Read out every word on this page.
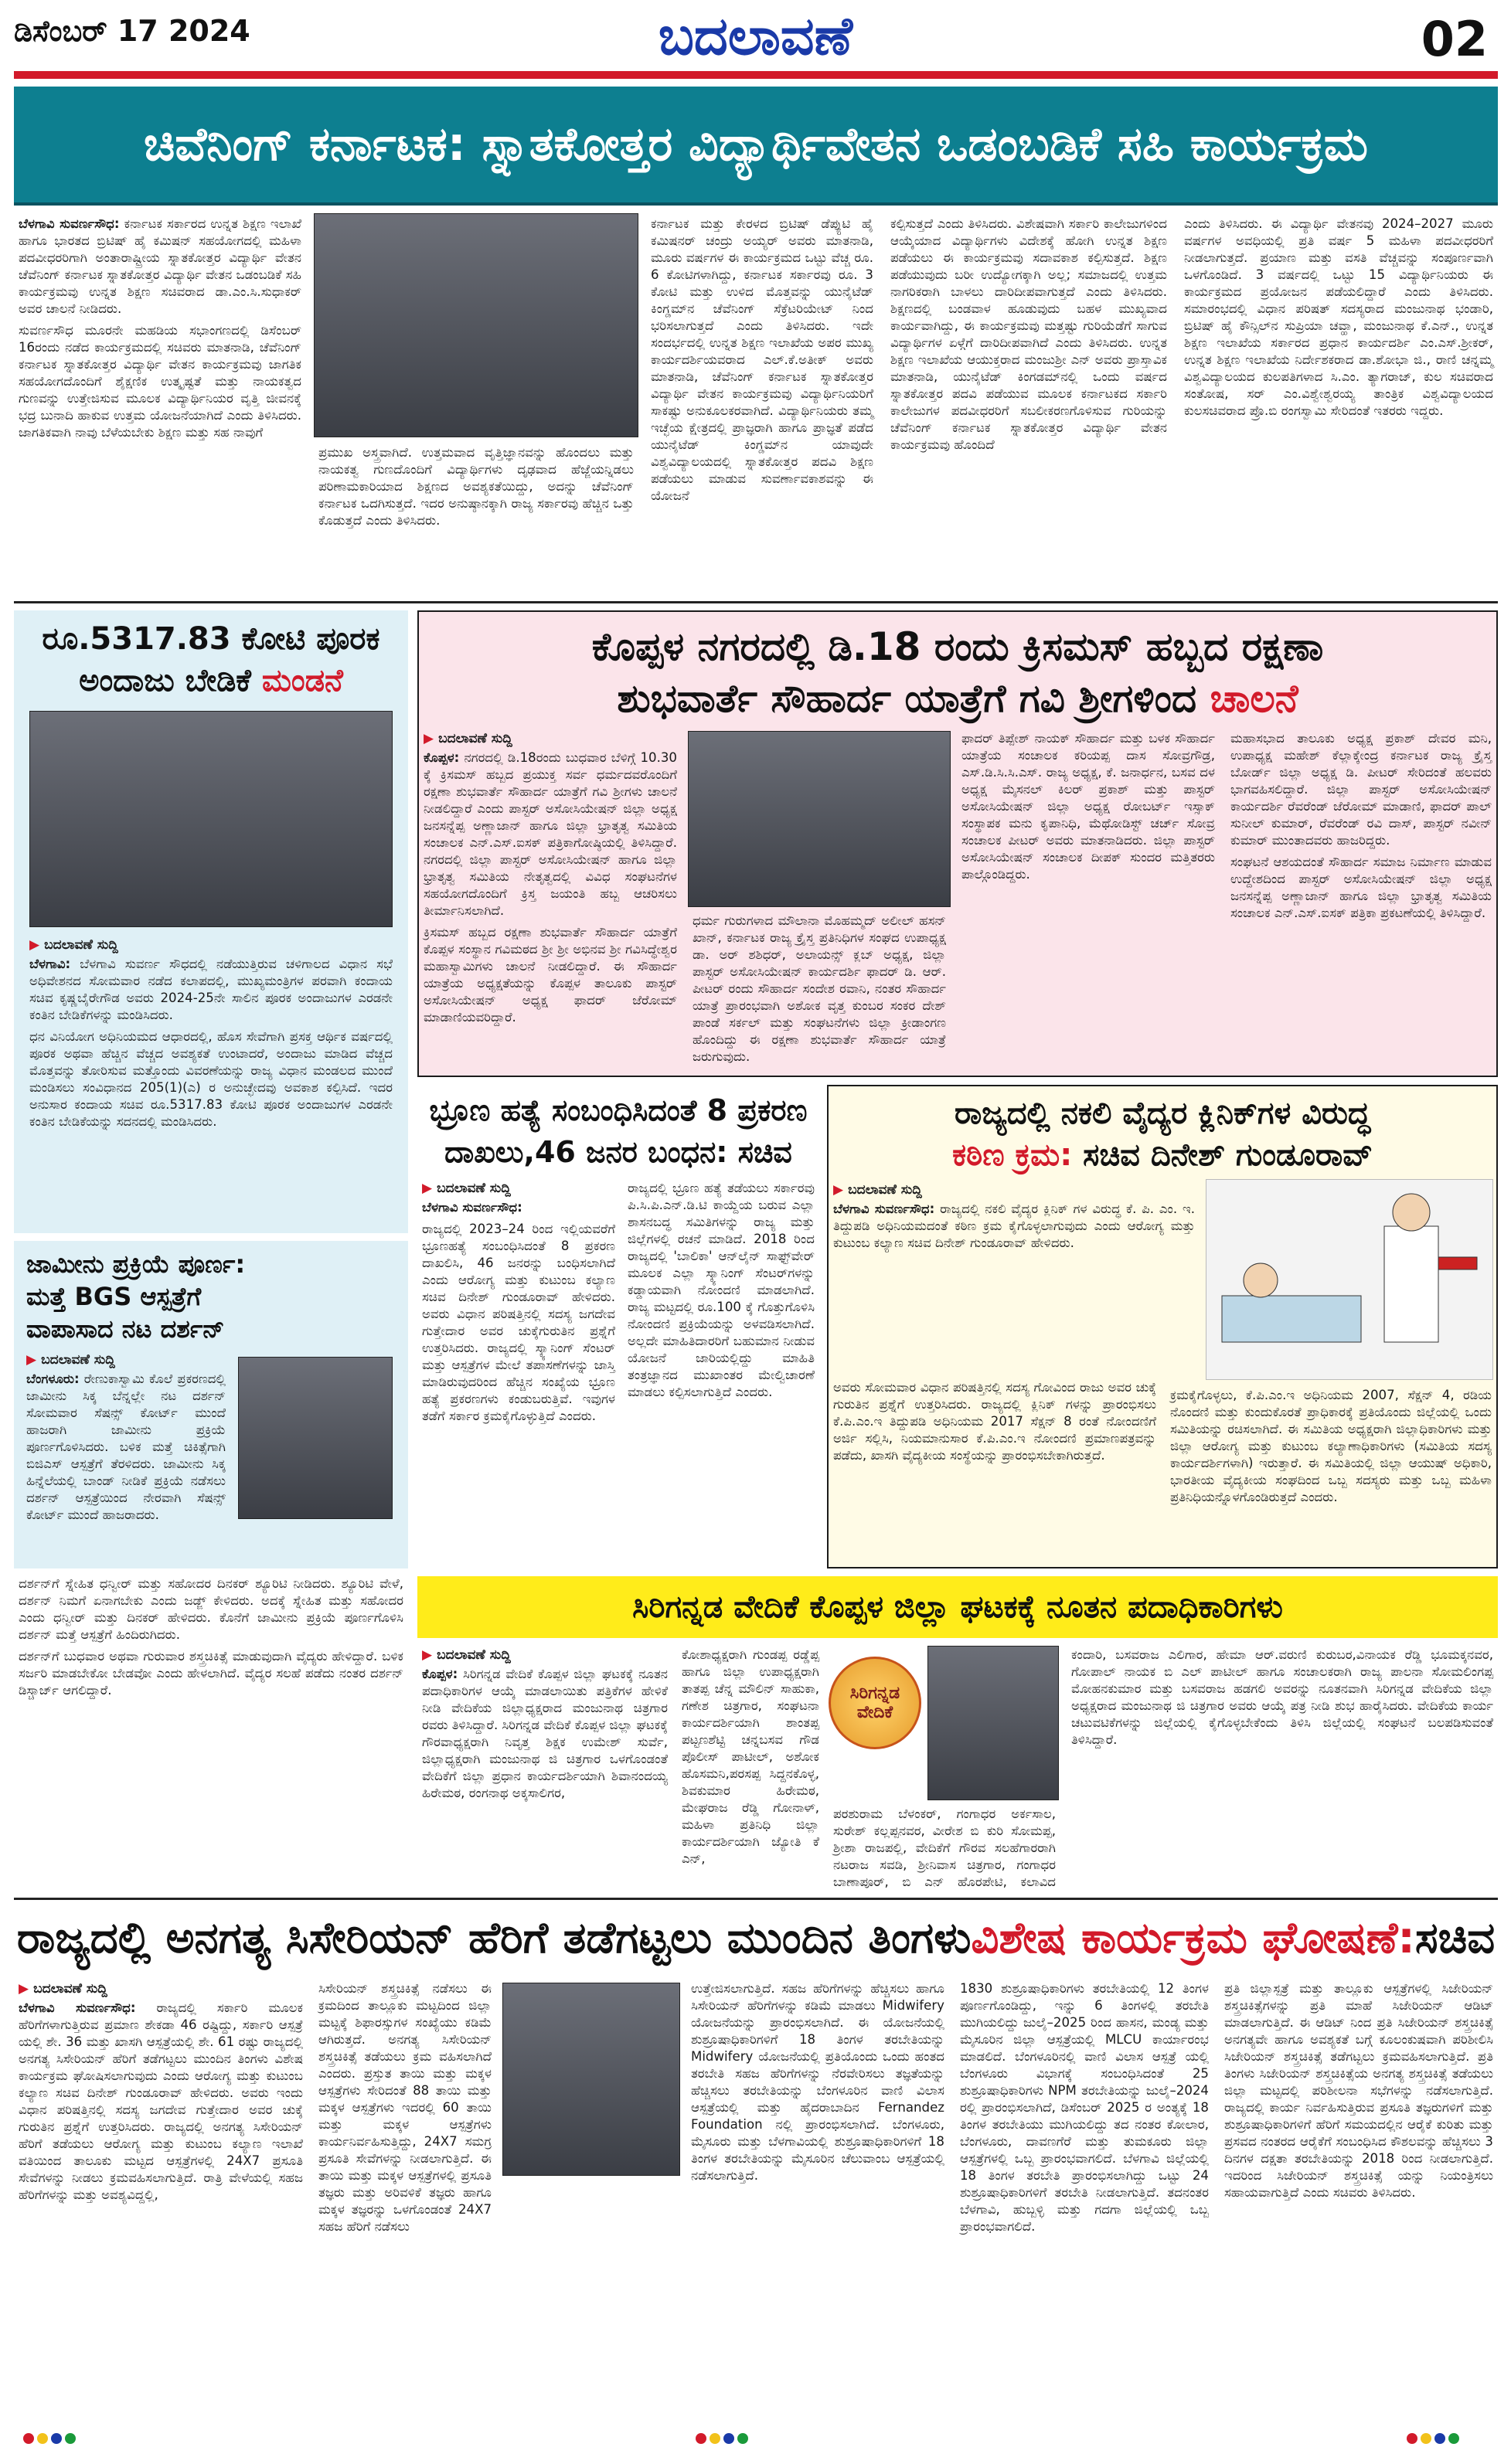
ಡಿಸೆಂಬರ್ 17 2024	ಬದಲಾವಣೆ	02
ಚಿವೆನಿಂಗ್ ಕರ್ನಾಟಕ: ಸ್ನಾತಕೋತ್ತರ ವಿದ್ಯಾರ್ಥಿವೇತನ ಒಡಂಬಡಿಕೆ ಸಹಿ ಕಾರ್ಯಕ್ರಮ

ಬೆಳಗಾವಿ ಸುವರ್ಣಸೌಧ: ಕರ್ನಾಟಕ ಸರ್ಕಾರದ ಉನ್ನತ ಶಿಕ್ಷಣ ಇಲಾಖೆ ಹಾಗೂ ಭಾರತದ ಬ್ರಿಟಿಷ್ ಹೈ ಕಮಿಷನ್ ಸಹಯೋಗದಲ್ಲಿ ಮಹಿಳಾ ಪದವೀಧರರಿಗಾಗಿ ಅಂತಾರಾಷ್ಟ್ರೀಯ ಸ್ನಾತಕೋತ್ತರ ವಿದ್ಯಾರ್ಥಿ ವೇತನ ಚೆವೆನಿಂಗ್ ಕರ್ನಾಟಕ ಸ್ನಾತಕೋತ್ತರ ವಿದ್ಯಾರ್ಥಿ ವೇತನ ಒಡಂಬಡಿಕೆ ಸಹಿ ಕಾರ್ಯಕ್ರಮವು ಉನ್ನತ ಶಿಕ್ಷಣ ಸಚಿವರಾದ ಡಾ.ಎಂ.ಸಿ.ಸುಧಾಕರ್ ಅವರ ಚಾಲನೆ ನೀಡಿದರು.

ಸುವರ್ಣಸೌಧ ಮೂರನೇ ಮಹಡಿಯ ಸಭಾಂಗಣದಲ್ಲಿ ಡಿಸೆಂಬರ್ 16ರಂದು ನಡೆದ ಕಾರ್ಯಕ್ರಮದಲ್ಲಿ ಸಚಿವರು ಮಾತನಾಡಿ, ಚೆವೆನಿಂಗ್ ಕರ್ನಾಟಕ ಸ್ನಾತಕೋತ್ತರ ವಿದ್ಯಾರ್ಥಿ ವೇತನ ಕಾರ್ಯಕ್ರಮವು ಜಾಗತಿಕ ಸಹಯೋಗದೊಂದಿಗೆ ಶೈಕ್ಷಣಿಕ ಉತ್ಕೃಷ್ಟತೆ ಮತ್ತು ನಾಯಕತ್ವದ ಗುಣವನ್ನು ಉತ್ತೇಜಿಸುವ ಮೂಲಕ ವಿದ್ಯಾರ್ಥಿನಿಯರ ವೃತ್ತಿ ಜೀವನಕ್ಕೆ ಭದ್ರ ಬುನಾದಿ ಹಾಕುವ ಉತ್ತಮ ಯೋಜನೆಯಾಗಿದೆ ಎಂದು ತಿಳಿಸಿದರು. ಜಾಗತಿಕವಾಗಿ ನಾವು ಬೆಳೆಯಬೇಕು ಶಿಕ್ಷಣ ಮತ್ತು ಸಹ ನಾವುಗೆ

ಪ್ರಮುಖ ಅಸ್ತ್ರವಾಗಿದೆ. ಉತ್ತಮವಾದ ವೃತ್ತಿಜ್ಞಾನವನ್ನು ಹೊಂದಲು ಮತ್ತು ನಾಯಕತ್ವ ಗುಣದೊಂದಿಗೆ ವಿದ್ಯಾರ್ಥಿಗಳು ದೃಢವಾದ ಹೆಜ್ಜೆಯನ್ನಿಡಲು ಪರಿಣಾಮಕಾರಿಯಾದ ಶಿಕ್ಷಣದ ಅವಶ್ಯಕತೆಯಿದ್ದು, ಅದನ್ನು ಚೆವೆನಿಂಗ್ ಕರ್ನಾಟಕ ಒದಗಿಸುತ್ತದೆ. ಇದರ ಅನುಷ್ಠಾನಕ್ಕಾಗಿ ರಾಜ್ಯ ಸರ್ಕಾರವು ಹೆಚ್ಚಿನ ಒತ್ತು ಕೊಡುತ್ತದೆ ಎಂದು ತಿಳಿಸಿದರು.
ಕರ್ನಾಟಕ ಮತ್ತು ಕೇರಳದ ಬ್ರಿಟಿಷ್ ಡೆಪ್ಯುಟಿ ಹೈ ಕಮಿಷನರ್ ಚಂದ್ರು ಅಯ್ಯರ್ ಅವರು ಮಾತನಾಡಿ, ಮೂರು ವರ್ಷಗಳ ಈ ಕಾರ್ಯಕ್ರಮದ ಒಟ್ಟು ವೆಚ್ಚ ರೂ. 6 ಕೋಟಿಗಳಾಗಿದ್ದು, ಕರ್ನಾಟಕ ಸರ್ಕಾರವು ರೂ. 3 ಕೋಟಿ ಮತ್ತು ಉಳಿದ ಮೊತ್ತವನ್ನು ಯುನೈಟೆಡ್ ಕಿಂಗ್ಡಮ್‌ನ ಚೆವೆನಿಂಗ್ ಸೆಕ್ರೆಟರಿಯೇಟ್ ನಿಂದ ಭರಿಸಲಾಗುತ್ತದೆ ಎಂದು ತಿಳಿಸಿದರು. ಇದೇ ಸಂದರ್ಭದಲ್ಲಿ ಉನ್ನತ ಶಿಕ್ಷಣ ಇಲಾಖೆಯ ಅಪರ ಮುಖ್ಯ ಕಾರ್ಯದರ್ಶಿಯವರಾದ ಎಲ್.ಕೆ.ಅತೀಕ್ ಅವರು ಮಾತನಾಡಿ, ಚೆವೆನಿಂಗ್ ಕರ್ನಾಟಕ ಸ್ನಾತಕೋತ್ತರ ವಿದ್ಯಾರ್ಥಿ ವೇತನ ಕಾರ್ಯಕ್ರಮವು ವಿದ್ಯಾರ್ಥಿನಿಯರಿಗೆ ಸಾಕಷ್ಟು ಅನುಕೂಲಕರವಾಗಿದೆ. ವಿದ್ಯಾರ್ಥಿನಿಯರು ತಮ್ಮ ಇಚ್ಛೆಯ ಕ್ಷೇತ್ರದಲ್ಲಿ ಪ್ರಾಜ್ಞರಾಗಿ ಹಾಗೂ ಪ್ರಾಜ್ಞತೆ ಪಡೆದ ಯುನೈಟೆಡ್ ಕಿಂಗ್ಡಮ್‌ನ ಯಾವುದೇ ವಿಶ್ವವಿದ್ಯಾಲಯದಲ್ಲಿ ಸ್ನಾತಕೋತ್ತರ ಪದವಿ ಶಿಕ್ಷಣ ಪಡೆಯಲು ಮಾಡುವ ಸುವರ್ಣಾವಕಾಶವನ್ನು ಈ ಯೋಜನೆ
ಕಲ್ಪಿಸುತ್ತದೆ ಎಂದು ತಿಳಿಸಿದರು. ವಿಶೇಷವಾಗಿ ಸರ್ಕಾರಿ ಕಾಲೇಜುಗಳಿಂದ ಆಯ್ಕೆಯಾದ ವಿದ್ಯಾರ್ಥಿಗಳು ವಿದೇಶಕ್ಕೆ ಹೋಗಿ ಉನ್ನತ ಶಿಕ್ಷಣ ಪಡೆಯಲು ಈ ಕಾರ್ಯಕ್ರಮವು ಸದಾವಕಾಶ ಕಲ್ಪಿಸುತ್ತದೆ. ಶಿಕ್ಷಣ ಪಡೆಯುವುದು ಬರೀ ಉದ್ಯೋಗಕ್ಕಾಗಿ ಅಲ್ಲ; ಸಮಾಜದಲ್ಲಿ ಉತ್ತಮ ನಾಗರಿಕರಾಗಿ ಬಾಳಲು ದಾರಿದೀಪವಾಗುತ್ತದೆ ಎಂದು ತಿಳಿಸಿದರು. ಶಿಕ್ಷಣದಲ್ಲಿ ಬಂಡವಾಳ ಹೂಡುವುದು ಬಹಳ ಮುಖ್ಯವಾದ ಕಾರ್ಯವಾಗಿದ್ದು, ಈ ಕಾರ್ಯಕ್ರಮವು ಮತ್ತಷ್ಟು ಗುರಿಯೆಡೆಗೆ ಸಾಗುವ ವಿದ್ಯಾರ್ಥಿಗಳ ಏಳ್ಗೆಗೆ ದಾರಿದೀಪವಾಗಿದೆ ಎಂದು ತಿಳಿಸಿದರು. ಉನ್ನತ ಶಿಕ್ಷಣ ಇಲಾಖೆಯ ಆಯುಕ್ತರಾದ ಮಂಜುಶ್ರೀ ಎನ್ ಅವರು ಪ್ರಾಸ್ತಾವಿಕ ಮಾತನಾಡಿ, ಯುನೈಟೆಡ್ ಕಿಂಗಡಮ್‌ನಲ್ಲಿ ಒಂದು ವರ್ಷದ ಸ್ನಾತಕೋತ್ತರ ಪದವಿ ಪಡೆಯುವ ಮೂಲಕ ಕರ್ನಾಟಕದ ಸರ್ಕಾರಿ ಕಾಲೇಜುಗಳ ಪದವೀಧರರಿಗೆ ಸಬಲೀಕರಣಗೊಳಿಸುವ ಗುರಿಯನ್ನು ಚೆವೆನಿಂಗ್ ಕರ್ನಾಟಕ ಸ್ನಾತಕೋತ್ತರ ವಿದ್ಯಾರ್ಥಿ ವೇತನ ಕಾರ್ಯಕ್ರಮವು ಹೊಂದಿದೆ
ಎಂದು ತಿಳಿಸಿದರು. ಈ ವಿದ್ಯಾರ್ಥಿ ವೇತನವು 2024–2027 ಮೂರು ವರ್ಷಗಳ ಅವಧಿಯಲ್ಲಿ ಪ್ರತಿ ವರ್ಷ 5 ಮಹಿಳಾ ಪದವೀಧರರಿಗೆ ನೀಡಲಾಗುತ್ತದೆ. ಪ್ರಯಾಣ ಮತ್ತು ವಸತಿ ವೆಚ್ಚವನ್ನು ಸಂಪೂರ್ಣವಾಗಿ ಒಳಗೊಂಡಿದೆ. 3 ವರ್ಷದಲ್ಲಿ ಒಟ್ಟು 15 ವಿದ್ಯಾರ್ಥಿನಿಯರು ಈ ಕಾರ್ಯಕ್ರಮದ ಪ್ರಯೋಜನ ಪಡೆಯಲಿದ್ದಾರೆ ಎಂದು ತಿಳಿಸಿದರು. ಸಮಾರಂಭದಲ್ಲಿ ವಿಧಾನ ಪರಿಷತ್ ಸದಸ್ಯರಾದ ಮಂಜುನಾಥ ಭಂಡಾರಿ, ಬ್ರಿಟಿಷ್ ಹೈ ಕೌನ್ಸಿಲ್‌ನ ಸುಪ್ರಿಯಾ ಚವ್ಹಾ, ಮಂಜುನಾಥ ಕೆ.ಎನ್., ಉನ್ನತ ಶಿಕ್ಷಣ ಇಲಾಖೆಯ ಸರ್ಕಾರದ ಪ್ರಧಾನ ಕಾರ್ಯದರ್ಶಿ ಎಂ.ಎಸ್.ಶ್ರೀಕರ್, ಉನ್ನತ ಶಿಕ್ಷಣ ಇಲಾಖೆಯ ನಿರ್ದೇಶಕರಾದ ಡಾ.ಶೋಭಾ ಜಿ., ರಾಣಿ ಚನ್ನಮ್ಮ ವಿಶ್ವವಿದ್ಯಾಲಯದ ಕುಲಪತಿಗಳಾದ ಸಿ.ಎಂ. ತ್ಯಾಗರಾಜ್, ಕುಲ ಸಚಿವರಾದ ಸಂತೋಷ, ಸರ್ ಎಂ.ವಿಶ್ವೇಶ್ವರಯ್ಯ ತಾಂತ್ರಿಕ ವಿಶ್ವವಿದ್ಯಾಲಯದ ಕುಲಸಚಿವರಾದ ಪ್ರೊ.ಬಿ ರಂಗಸ್ವಾಮಿ ಸೇರಿದಂತೆ ಇತರರು ಇದ್ದರು.
ರೂ.5317.83 ಕೋಟಿ ಪೂರಕ
ಅಂದಾಜು ಬೇಡಿಕೆ ಮಂಡನೆ
▶ ಬದಲಾವಣೆ ಸುದ್ದಿ

ಬೆಳಗಾವಿ: ಬೆಳಗಾವಿ ಸುವರ್ಣ ಸೌಧದಲ್ಲಿ ನಡೆಯುತ್ತಿರುವ ಚಳಿಗಾಲದ ವಿಧಾನ ಸಭೆ ಅಧಿವೇಶನದ ಸೋಮವಾರ ನಡೆದ ಕಲಾಪದಲ್ಲಿ, ಮುಖ್ಯಮಂತ್ರಿಗಳ ಪರವಾಗಿ ಕಂದಾಯ ಸಚಿವ ಕೃಷ್ಣಬೈರೇಗೌಡ ಅವರು 2024-25ನೇ ಸಾಲಿನ ಪೂರಕ ಅಂದಾಜುಗಳ ಎರಡನೇ ಕಂತಿನ ಬೇಡಿಕೆಗಳನ್ನು ಮಂಡಿಸಿದರು.

ಧನ ವಿನಿಯೋಗ ಅಧಿನಿಯಮದ ಆಧಾರದಲ್ಲಿ, ಹೊಸ ಸೇವೆಗಾಗಿ ಪ್ರಸಕ್ತ ಆರ್ಥಿಕ ವರ್ಷದಲ್ಲಿ ಪೂರಕ ಅಥವಾ ಹೆಚ್ಚಿನ ವೆಚ್ಚದ ಅವಶ್ಯಕತೆ ಉಂಟಾದರೆ, ಅಂದಾಜು ಮಾಡಿದ ವೆಚ್ಚದ ಮೊತ್ತವನ್ನು ತೋರಿಸುವ ಮತ್ತೊಂದು ವಿವರಣೆಯನ್ನು ರಾಜ್ಯ ವಿಧಾನ ಮಂಡಲದ ಮುಂದೆ ಮಂಡಿಸಲು ಸಂವಿಧಾನದ 205(1)(ಎ) ರ ಅನುಚ್ಛೇದವು ಅವಕಾಶ ಕಲ್ಪಿಸಿದೆ. ಇದರ ಅನುಸಾರ ಕಂದಾಯ ಸಚಿವ ರೂ.5317.83 ಕೋಟಿ ಪೂರಕ ಅಂದಾಜುಗಳ ಎರಡನೇ ಕಂತಿನ ಬೇಡಿಕೆಯನ್ನು ಸದನದಲ್ಲಿ ಮಂಡಿಸಿದರು.

ಕೊಪ್ಪಳ ನಗರದಲ್ಲಿ ಡಿ.18 ರಂದು ಕ್ರಿಸಮಸ್ ಹಬ್ಬದ ರಕ್ಷಣಾ
ಶುಭವಾರ್ತೆ ಸೌಹಾರ್ದ ಯಾತ್ರೆಗೆ ಗವಿ ಶ್ರೀಗಳಿಂದ ಚಾಲನೆ
▶ ಬದಲಾವಣೆ ಸುದ್ದಿ

ಕೊಪ್ಪಳ: ನಗರದಲ್ಲಿ ಡಿ.18ರಂದು ಬುಧವಾರ ಬೆಳಿಗ್ಗೆ 10.30 ಕ್ಕೆ ಕ್ರಿಸಮಸ್ ಹಬ್ಬದ ಪ್ರಯುಕ್ತ ಸರ್ವ ಧರ್ಮದವರೊಂದಿಗೆ ರಕ್ಷಣಾ ಶುಭವಾರ್ತೆ ಸೌಹಾರ್ದ ಯಾತ್ರೆಗೆ ಗವಿ ಶ್ರೀಗಳು ಚಾಲನೆ ನೀಡಲಿದ್ದಾರೆ ಎಂದು ಪಾಸ್ಟರ್ ಅಸೋಸಿಯೇಷನ್ ಜಿಲ್ಲಾ ಅಧ್ಯಕ್ಷ ಜನಸನ್ನೆಪ್ಪ ಅಣ್ಣಾಜಾನ್ ಹಾಗೂ ಜಿಲ್ಲಾ ಭ್ರಾತೃತ್ವ ಸಮಿತಿಯ ಸಂಚಾಲಕ ಎನ್.ಎಸ್.ಐಸಕ್ ಪತ್ರಿಕಾಗೋಷ್ಠಿಯಲ್ಲಿ ತಿಳಿಸಿದ್ದಾರೆ. ನಗರದಲ್ಲಿ ಜಿಲ್ಲಾ ಪಾಸ್ಟರ್ ಅಸೋಸಿಯೇಷನ್ ಹಾಗೂ ಜಿಲ್ಲಾ ಭ್ರಾತೃತ್ವ ಸಮಿತಿಯ ನೇತೃತ್ವದಲ್ಲಿ ವಿವಿಧ ಸಂಘಟನೆಗಳ ಸಹಯೋಗದೊಂದಿಗೆ ಕ್ರಿಸ್ತ ಜಯಂತಿ ಹಬ್ಬ ಆಚರಿಸಲು ತೀರ್ಮಾನಿಸಲಾಗಿದೆ.

ಕ್ರಿಸಮಸ್ ಹಬ್ಬದ ರಕ್ಷಣಾ ಶುಭವಾರ್ತೆ ಸೌಹಾರ್ದ ಯಾತ್ರೆಗೆ ಕೊಪ್ಪಳ ಸಂಸ್ಥಾನ ಗವಿಮಠದ ಶ್ರೀ ಶ್ರೀ ಅಭಿನವ ಶ್ರೀ ಗವಿಸಿದ್ಧೇಶ್ವರ ಮಹಾಸ್ವಾಮಿಗಳು ಚಾಲನೆ ನೀಡಲಿದ್ದಾರೆ. ಈ ಸೌಹಾರ್ದ ಯಾತ್ರೆಯ ಅಧ್ಯಕ್ಷತೆಯನ್ನು ಕೊಪ್ಪಳ ತಾಲೂಕು ಪಾಸ್ಟರ್ ಅಸೋಸಿಯೇಷನ್ ಅಧ್ಯಕ್ಷ ಫಾದರ್ ಜೆರೋಮ್ ಮಾಡಾಣಿಯವರಿದ್ದಾರೆ.

ಧರ್ಮ ಗುರುಗಳಾದ ಮೌಲಾನಾ ಮೊಹಮ್ಮದ್ ಅಲೀಲ್ ಹಸನ್ ಖಾನ್, ಕರ್ನಾಟಕ ರಾಜ್ಯ ಕ್ರೈಸ್ತ ಪ್ರತಿನಿಧಿಗಳ ಸಂಘದ ಉಪಾಧ್ಯಕ್ಷ ಡಾ. ಅರ್ ಶಶಿಧರ್, ಅಲಾಯನ್ಸ್ ಕ್ಲಬ್ ಅಧ್ಯಕ್ಷ, ಜಿಲ್ಲಾ ಪಾಸ್ಟರ್ ಅಸೋಸಿಯೇಷನ್ ಕಾರ್ಯದರ್ಶಿ ಫಾದರ್ ಡಿ. ಆರ್. ಪೀಟರ್ ರಂದು ಸೌಹಾರ್ದ ಸಂದೇಶ ರವಾನಿ, ನಂತರ ಸೌಹಾರ್ದ ಯಾತ್ರೆ ಪ್ರಾರಂಭವಾಗಿ ಅಶೋಕ ವೃತ್ತ ಕುಂಬರ ಸಂಕರ ದೇಶ್ ಪಾಂಡೆ ಸರ್ಕಲ್ ಮತ್ತು ಸಂಘಟನೆಗಳು ಜಿಲ್ಲಾ ಕ್ರೀಡಾಂಗಣ ಹೊಂದಿದ್ದು ಈ ರಕ್ಷಣಾ ಶುಭವಾರ್ತೆ ಸೌಹಾರ್ದ ಯಾತ್ರೆ ಜರುಗುವುದು.
ಫಾದರ್ ತಿಪ್ಪೇಶ್ ನಾಯಕ್ ಸೌಹಾರ್ದ ಮತ್ತು ಬಳಕ ಸೌಹಾರ್ದ ಯಾತ್ರೆಯ ಸಂಚಾಲಕ ಕರಿಯಪ್ಪ ದಾಸ ಸೋವ್ರಗೌಡ್ರ, ಎಸ್.ಡಿ.ಸಿ.ಸಿ.ಎಸ್. ರಾಜ್ಯ ಅಧ್ಯಕ್ಷ, ಕೆ. ಜನಾರ್ಧನ, ಬಸವ ದಳ ಅಧ್ಯಕ್ಷ ಮೈಸನಲ್ ಕಿಲರ್ ಪ್ರಕಾಶ್ ಮತ್ತು ಪಾಸ್ಟರ್ ಅಸೋಸಿಯೇಷನ್ ಜಿಲ್ಲಾ ಅಧ್ಯಕ್ಷ ರೋಬರ್ಟ್ ಇಸ್ಸಾಕ್ ಸಂಸ್ಥಾಪಕ ಮನು ಕೃಪಾನಿಧಿ, ಮೆಥೋಡಿಸ್ಟ್ ಚರ್ಚ್ ಸೋವ್ರ ಸಂಚಾಲಕ ಪೀಟರ್ ಅವರು ಮಾತನಾಡಿದರು. ಜಿಲ್ಲಾ ಪಾಸ್ಟರ್ ಅಸೋಸಿಯೇಷನ್ ಸಂಚಾಲಕ ದೀಪಕ್ ಸುಂದರ ಮತ್ತಿತರರು ಪಾಲ್ಗೊಂಡಿದ್ದರು.

ಮಹಾಸಭಾದ ತಾಲೂಕು ಅಧ್ಯಕ್ಷ ಪ್ರಕಾಶ್ ದೇವರ ಮನಿ, ಉಪಾಧ್ಯಕ್ಷ ಮಹೇಶ್ ಕೆಲ್ಲಾಕ್ಕೇಂದ್ರ ಕರ್ನಾಟಕ ರಾಜ್ಯ ಕ್ರೈಸ್ತ ಬೋರ್ಡ್ ಜಿಲ್ಲಾ ಅಧ್ಯಕ್ಷ ಡಿ. ಪೀಟರ್ ಸೇರಿದಂತೆ ಹಲವರು ಭಾಗವಹಿಸಲಿದ್ದಾರೆ. ಜಿಲ್ಲಾ ಪಾಸ್ಟರ್ ಅಸೋಸಿಯೇಷನ್ ಕಾರ್ಯದರ್ಶಿ ರೆವರೆಂಡ್ ಜೆರೋಮ್ ಮಾಡಾಣಿ, ಫಾದರ್ ಪಾಲ್ ಸುನೀಲ್ ಕುಮಾರ್, ರೆವರೆಂಡ್ ರವಿ ದಾಸ್, ಪಾಸ್ಟರ್ ನವೀನ್ ಕುಮಾರ್ ಮುಂತಾದವರು ಹಾಜರಿದ್ದರು.

ಸಂಘಟನೆ ಆಶಯದಂತೆ ಸೌಹಾರ್ದ ಸಮಾಜ ನಿರ್ಮಾಣ ಮಾಡುವ ಉದ್ದೇಶದಿಂದ ಪಾಸ್ಟರ್ ಅಸೋಸಿಯೇಷನ್ ಜಿಲ್ಲಾ ಅಧ್ಯಕ್ಷ ಜನಸನ್ನೆಪ್ಪ ಅಣ್ಣಾಜಾನ್ ಹಾಗೂ ಜಿಲ್ಲಾ ಭ್ರಾತೃತ್ವ ಸಮಿತಿಯ ಸಂಚಾಲಕ ಎನ್.ಎಸ್.ಐಸಕ್ ಪತ್ರಿಕಾ ಪ್ರಕಟಣೆಯಲ್ಲಿ ತಿಳಿಸಿದ್ದಾರೆ.

ಭ್ರೂಣ ಹತ್ಯೆ ಸಂಬಂಧಿಸಿದಂತೆ 8 ಪ್ರಕರಣ
ದಾಖಲು,46 ಜನರ ಬಂಧನ: ಸಚಿವ
▶ ಬದಲಾವಣೆ ಸುದ್ದಿ

ಬೆಳಗಾವಿ ಸುವರ್ಣಸೌಧ:

ರಾಜ್ಯದಲ್ಲಿ 2023–24 ರಿಂದ ಇಲ್ಲಿಯವರೆಗೆ ಭ್ರೂಣಹತ್ಯೆ ಸಂಬಂಧಿಸಿದಂತೆ 8 ಪ್ರಕರಣ ದಾಖಲಿಸಿ, 46 ಜನರನ್ನು ಬಂಧಿಸಲಾಗಿದೆ ಎಂದು ಆರೋಗ್ಯ ಮತ್ತು ಕುಟುಂಬ ಕಲ್ಯಾಣ ಸಚಿವ ದಿನೇಶ್ ಗುಂಡೂರಾವ್ ಹೇಳಿದರು. ಅವರು ವಿಧಾನ ಪರಿಷತ್ತಿನಲ್ಲಿ ಸದಸ್ಯ ಜಗದೇವ ಗುತ್ತೇದಾರ ಅವರ ಚುಕ್ಕೆಗುರುತಿನ ಪ್ರಶ್ನೆಗೆ ಉತ್ತರಿಸಿದರು. ರಾಜ್ಯದಲ್ಲಿ ಸ್ಕ್ಯಾನಿಂಗ್ ಸೆಂಟರ್ ಮತ್ತು ಆಸ್ಪತ್ರೆಗಳ ಮೇಲೆ ತಪಾಸಣೆಗಳನ್ನು ಜಾಸ್ತಿ ಮಾಡಿರುವುದರಿಂದ ಹೆಚ್ಚಿನ ಸಂಖ್ಯೆಯ ಭ್ರೂಣ ಹತ್ಯೆ ಪ್ರಕರಣಗಳು ಕಂಡುಬರುತ್ತಿವೆ. ಇವುಗಳ ತಡೆಗೆ ಸರ್ಕಾರ ಕ್ರಮಕೈಗೊಳ್ಳುತ್ತಿದೆ ಎಂದರು.

ರಾಜ್ಯದಲ್ಲಿ ಭ್ರೂಣ ಹತ್ಯೆ ತಡೆಯಲು ಸರ್ಕಾರವು ಪಿ.ಸಿ.ಪಿ.ಎನ್.ಡಿ.ಟಿ ಕಾಯ್ದೆಯ ಬರುವ ಎಲ್ಲಾ ಶಾಸನಬದ್ಧ ಸಮಿತಿಗಳನ್ನು ರಾಜ್ಯ ಮತ್ತು ಜಿಲ್ಲೆಗಳಲ್ಲಿ ರಚನೆ ಮಾಡಿದೆ. 2018 ರಿಂದ ರಾಜ್ಯದಲ್ಲಿ 'ಬಾಲಿಕಾ' ಆನ್‌ಲೈನ್ ಸಾಫ್ಟ್‌ವೇರ್ ಮೂಲಕ ಎಲ್ಲಾ ಸ್ಕ್ಯಾನಿಂಗ್ ಸೆಂಟರ್‌ಗಳನ್ನು ಕಡ್ಡಾಯವಾಗಿ ನೋಂದಣಿ ಮಾಡಲಾಗಿದೆ. ರಾಜ್ಯ ಮಟ್ಟದಲ್ಲಿ ರೂ.100 ಕ್ಕೆ ಗೊತ್ತುಗೊಳಿಸಿ ನೋಂದಣಿ ಪ್ರಕ್ರಿಯೆಯನ್ನು ಅಳವಡಿಸಲಾಗಿದೆ. ಅಲ್ಲದೇ ಮಾಹಿತಿದಾರರಿಗೆ ಬಹುಮಾನ ನೀಡುವ ಯೋಜನೆ ಜಾರಿಯಲ್ಲಿದ್ದು ಮಾಹಿತಿ ತಂತ್ರಜ್ಞಾನದ ಮುಖಾಂತರ ಮೇಲ್ವಿಚಾರಣೆ ಮಾಡಲು ಕಲ್ಪಿಸಲಾಗುತ್ತಿದೆ ಎಂದರು.
ರಾಜ್ಯದಲ್ಲಿ ನಕಲಿ ವೈದ್ಯರ ಕ್ಲಿನಿಕ್‌ಗಳ ವಿರುದ್ಧ
ಕಠಿಣ ಕ್ರಮ: ಸಚಿವ ದಿನೇಶ್ ಗುಂಡೂರಾವ್
▶ ಬದಲಾವಣೆ ಸುದ್ದಿ

ಬೆಳಗಾವಿ ಸುವರ್ಣಸೌಧ: ರಾಜ್ಯದಲ್ಲಿ ನಕಲಿ ವೈದ್ಯರ ಕ್ಲಿನಿಕ್ ಗಳ ವಿರುದ್ಧ ಕೆ. ಪಿ. ಎಂ. ಇ. ತಿದ್ದುಪಡಿ ಅಧಿನಿಯಮದಂತೆ ಕಠಿಣ ಕ್ರಮ ಕೈಗೊಳ್ಳಲಾಗುವುದು ಎಂದು ಆರೋಗ್ಯ ಮತ್ತು ಕುಟುಂಬ ಕಲ್ಯಾಣ ಸಚಿವ ದಿನೇಶ್ ಗುಂಡೂರಾವ್ ಹೇಳಿದರು.

ಅವರು ಸೋಮವಾರ ವಿಧಾನ ಪರಿಷತ್ತಿನಲ್ಲಿ ಸದಸ್ಯ ಗೋವಿಂದ ರಾಜು ಅವರ ಚುಕ್ಕೆ ಗುರುತಿನ ಪ್ರಶ್ನೆಗೆ ಉತ್ತರಿಸಿದರು. ರಾಜ್ಯದಲ್ಲಿ ಕ್ಲಿನಿಕ್ ಗಳನ್ನು ಪ್ರಾರಂಭಿಸಲು ಕೆ.ಪಿ.ಎಂ.ಇ ತಿದ್ದುಪಡಿ ಅಧಿನಿಯಮ 2017 ಸೆಕ್ಷನ್ 8 ರಂತೆ ನೋಂದಣಿಗೆ ಅರ್ಜಿ ಸಲ್ಲಿಸಿ, ನಿಯಮಾನುಸಾರ ಕೆ.ಪಿ.ಎಂ.ಇ ನೋಂದಣಿ ಪ್ರಮಾಣಪತ್ರವನ್ನು ಪಡೆದು, ಖಾಸಗಿ ವೈದ್ಯಕೀಯ ಸಂಸ್ಥೆಯನ್ನು ಪ್ರಾರಂಭಿಸಬೇಕಾಗಿರುತ್ತದೆ.
ಕ್ರಮಕೈಗೊಳ್ಳಲು, ಕೆ.ಪಿ.ಎಂ.ಇ ಅಧಿನಿಯಮ 2007, ಸೆಕ್ಷನ್ 4, ರಡಿಯ ನೊಂದಣಿ ಮತ್ತು ಕುಂದುಕೊರತೆ ಪ್ರಾಧಿಕಾರಕ್ಕೆ ಪ್ರತಿಯೊಂದು ಜಿಲ್ಲೆಯಲ್ಲಿ ಒಂದು ಸಮಿತಿಯನ್ನು ರಚಿಸಲಾಗಿದೆ. ಈ ಸಮಿತಿಯ ಅಧ್ಯಕ್ಷರಾಗಿ ಜಿಲ್ಲಾಧಿಕಾರಿಗಳು ಮತ್ತು ಜಿಲ್ಲಾ ಆರೋಗ್ಯ ಮತ್ತು ಕುಟುಂಬ ಕಲ್ಯಾಣಾಧಿಕಾರಿಗಳು (ಸಮಿತಿಯ ಸದಸ್ಯ ಕಾರ್ಯದರ್ಶಿಗಳಾಗಿ) ಇರುತ್ತಾರೆ. ಈ ಸಮಿತಿಯಲ್ಲಿ ಜಿಲ್ಲಾ ಆಯುಷ್ ಅಧಿಕಾರಿ, ಭಾರತೀಯ ವೈದ್ಯಕೀಯ ಸಂಘದಿಂದ ಒಬ್ಬ ಸದಸ್ಯರು ಮತ್ತು ಒಬ್ಬ ಮಹಿಳಾ ಪ್ರತಿನಿಧಿಯನ್ನೊಳಗೊಂಡಿರುತ್ತದೆ ಎಂದರು.
ಜಾಮೀನು ಪ್ರಕ್ರಿಯೆ ಪೂರ್ಣ:
ಮತ್ತೆ BGS ಆಸ್ಪತ್ರೆಗೆ
ವಾಪಾಸಾದ ನಟ ದರ್ಶನ್
▶ ಬದಲಾವಣೆ ಸುದ್ದಿ

ಬೆಂಗಳೂರು: ರೇಣುಕಾಸ್ವಾಮಿ ಕೊಲೆ ಪ್ರಕರಣದಲ್ಲಿ ಜಾಮೀನು ಸಿಕ್ಕ ಬೆನ್ನಲ್ಲೇ ನಟ ದರ್ಶನ್ ಸೋಮವಾರ ಸೆಷನ್ಸ್ ಕೋರ್ಟ್ ಮುಂದೆ ಹಾಜರಾಗಿ ಜಾಮೀನು ಪ್ರಕ್ರಿಯೆ ಪೂರ್ಣಗೊಳಿಸಿದರು. ಬಳಿಕ ಮತ್ತೆ ಚಿಕಿತ್ಸೆಗಾಗಿ ಬಿಜಿಎಸ್ ಆಸ್ಪತ್ರೆಗೆ ತೆರಳಿದರು. ಜಾಮೀನು ಸಿಕ್ಕ ಹಿನ್ನೆಲೆಯಲ್ಲಿ ಬಾಂಡ್ ನೀಡಿಕೆ ಪ್ರಕ್ರಿಯೆ ನಡೆಸಲು ದರ್ಶನ್ ಆಸ್ಪತ್ರೆಯಿಂದ ನೇರವಾಗಿ ಸೆಷನ್ಸ್ ಕೋರ್ಟ್ ಮುಂದೆ ಹಾಜರಾದರು.

ದರ್ಶನ್‌ಗೆ ಸ್ನೇಹಿತ ಧನ್ವೀರ್ ಮತ್ತು ಸಹೋದರ ದಿನಕರ್ ಶ್ಯೂರಿಟಿ ನೀಡಿದರು. ಶ್ಯೂರಿಟಿ ವೇಳೆ, ದರ್ಶನ್ ನಿಮಗೆ ಏನಾಗಬೇಕು ಎಂದು ಜಡ್ಜ್ ಕೇಳಿದರು. ಅದಕ್ಕೆ ಸ್ನೇಹಿತ ಮತ್ತು ಸಹೋದರ ಎಂದು ಧನ್ವೀರ್ ಮತ್ತು ದಿನಕರ್ ಹೇಳಿದರು. ಕೊನೆಗೆ ಜಾಮೀನು ಪ್ರಕ್ರಿಯೆ ಪೂರ್ಣಗೊಳಿಸಿ ದರ್ಶನ್ ಮತ್ತೆ ಆಸ್ಪತ್ರೆಗೆ ಹಿಂದಿರುಗಿದರು.

ದರ್ಶನ್‌ಗೆ ಬುಧವಾರ ಅಥವಾ ಗುರುವಾರ ಶಸ್ತ್ರಚಿಕಿತ್ಸೆ ಮಾಡುವುದಾಗಿ ವೈದ್ಯರು ಹೇಳಿದ್ದಾರೆ. ಬಳಿಕ ಸರ್ಜರಿ ಮಾಡಬೇಕೋ ಬೇಡವೋ ಎಂದು ಹೇಳಲಾಗಿದೆ. ವೈದ್ಯರ ಸಲಹೆ ಪಡೆದು ನಂತರ ದರ್ಶನ್ ಡಿಸ್ಚಾರ್ಜ್ ಆಗಲಿದ್ದಾರೆ.

ಸಿರಿಗನ್ನಡ ವೇದಿಕೆ ಕೊಪ್ಪಳ ಜಿಲ್ಲಾ ಘಟಕಕ್ಕೆ ನೂತನ ಪದಾಧಿಕಾರಿಗಳು
▶ ಬದಲಾವಣೆ ಸುದ್ದಿ

ಕೊಪ್ಪಳ: ಸಿರಿಗನ್ನಡ ವೇದಿಕೆ ಕೊಪ್ಪಳ ಜಿಲ್ಲಾ ಘಟಕಕ್ಕೆ ನೂತನ ಪದಾಧಿಕಾರಿಗಳ ಆಯ್ಕೆ ಮಾಡಲಾಯಿತು ಪತ್ರಿಕೆಗಳ ಹೇಳಿಕೆ ನೀಡಿ ವೇದಿಕೆಯ ಜಿಲ್ಲಾಧ್ಯಕ್ಷರಾದ ಮಂಜುನಾಥ ಚಿತ್ರಗಾರ ರವರು ತಿಳಿಸಿದ್ದಾರೆ. ಸಿರಿಗನ್ನಡ ವೇದಿಕೆ ಕೊಪ್ಪಳ ಜಿಲ್ಲಾ ಘಟಕಕ್ಕೆ ಗೌರವಾಧ್ಯಕ್ಷರಾಗಿ ನಿವೃತ್ತ ಶಿಕ್ಷಕ ಉಮೇಶ್ ಸುರ್ವೆ, ಜಿಲ್ಲಾಧ್ಯಕ್ಷರಾಗಿ ಮಂಜುನಾಥ ಜಿ ಚಿತ್ರಗಾರ ಒಳಗೊಂಡಂತೆ ವೇದಿಕೆಗೆ ಜಿಲ್ಲಾ ಪ್ರಧಾನ ಕಾರ್ಯದರ್ಶಿಯಾಗಿ ಶಿವಾನಂದಯ್ಯ ಹಿರೇಮಠ, ರಂಗನಾಥ ಅಕ್ಕಸಾಲಿಗರ,

ಕೋಶಾಧ್ಯಕ್ಷರಾಗಿ ಗುಂಡಪ್ಪ ರಡ್ಡೆಪ್ಪ ಹಾಗೂ ಜಿಲ್ಲಾ ಉಪಾಧ್ಯಕ್ಷರಾಗಿ ತಾತಪ್ಪ ಚೆನ್ನ ಮೌಲಿನ್ ಸಾಹುಕಾ, ಗಣೇಶ ಚಿತ್ರಗಾರ, ಸಂಘಟನಾ ಕಾರ್ಯದರ್ಶಿಯಾಗಿ ಶಾಂತಪ್ಪ ಪಟ್ಟಣಶೆಟ್ಟಿ ಚನ್ನಬಸವ ಗೌಡ ಪೊಲೀಸ್ ಪಾಟೀಲ್, ಅಶೋಕ ಹೊಸಮನಿ,ಪರಸಪ್ಪ ಸಿದ್ದನಕೊಳ್ಳ, ಶಿವಕುಮಾರ ಹಿರೇಮಠ, ಮೇಘರಾಜ ರೆಡ್ಡಿ ಗೋನಾಳ್, ಮಹಿಳಾ ಪ್ರತಿನಿಧಿ ಜಿಲ್ಲಾ ಕಾರ್ಯದರ್ಶಿಯಾಗಿ ಜ್ಯೋತಿ ಕೆ ಎನ್,
ಸಿರಿಗನ್ನಡ ವೇದಿಕೆ
ಪರಶುರಾಮ ಬೆಳಂಕರ್, ಗಂಗಾಧರ ಅರ್ಕಸಾಲ, ಸುರೇಶ್ ಕಲ್ಲಪ್ಪನವರ, ವೀರೇಶ ಬಿ ಕುರಿ ಸೋಮಪ್ಪ, ಶ್ರೀಶಾ ರಾಜಪಲ್ಲಿ, ವೇದಿಕೆಗೆ ಗೌರವ ಸಲಹೆಗಾರರಾಗಿ ನಟರಾಜ ಸವಡಿ, ಶ್ರೀನಿವಾಸ ಚಿತ್ರಗಾರ, ಗಂಗಾಧರ ಬಾಣಾಪೂರ್, ಬಿ ಎನ್ ಹೊರಪೇಟಿ, ಕಲಾವಿದ
ಕಂದಾರಿ, ಬಸವರಾಜ ಎಲಿಗಾರ, ಹೇಮಾ ಆರ್.ವರುಣಿ ಕುರುಬರ,ವಿನಾಯಕ ರೆಡ್ಡಿ ಭೂಮಕ್ಕನವರ, ಗೋಪಾಲ್ ನಾಯಕ ಬಿ ಎಲ್ ಪಾಟೀಲ್ ಹಾಗೂ ಸಂಚಾಲಕರಾಗಿ ರಾಜ್ಯ ಪಾಲನಾ ಸೋಮಲಿಂಗಪ್ಪ ಮೋಹನಕುಮಾರ ಮತ್ತು ಬಸವರಾಜ ಹಡಗಲಿ ಅವರನ್ನು ನೂತನವಾಗಿ ಸಿರಿಗನ್ನಡ ವೇದಿಕೆಯ ಜಿಲ್ಲಾ ಅಧ್ಯಕ್ಷರಾದ ಮಂಜುನಾಥ ಜಿ ಚಿತ್ರಗಾರ ಅವರು ಆಯ್ಕೆ ಪತ್ರ ನೀಡಿ ಶುಭ ಹಾರೈಸಿದರು. ವೇದಿಕೆಯ ಕಾರ್ಯ ಚಟುವಟಿಕೆಗಳನ್ನು ಜಿಲ್ಲೆಯಲ್ಲಿ ಕೈಗೊಳ್ಳಬೇಕೆಂದು ತಿಳಿಸಿ ಜಿಲ್ಲೆಯಲ್ಲಿ ಸಂಘಟನೆ ಬಲಪಡಿಸುವಂತೆ ತಿಳಿಸಿದ್ದಾರೆ.
ರಾಜ್ಯದಲ್ಲಿ ಅನಗತ್ಯ ಸಿಸೇರಿಯನ್ ಹೆರಿಗೆ ತಡೆಗಟ್ಟಲು ಮುಂದಿನ ತಿಂಗಳು ವಿಶೇಷ ಕಾರ್ಯಕ್ರಮ ಘೋಷಣೆ: ಸಚಿವ
▶ ಬದಲಾವಣೆ ಸುದ್ದಿ

ಬೆಳಗಾವಿ ಸುವರ್ಣಸೌಧ: ರಾಜ್ಯದಲ್ಲಿ ಸರ್ಕಾರಿ ಮೂಲಕ ಹೆರಿಗೆಗಳಾಗುತ್ತಿರುವ ಪ್ರಮಾಣ ಶೇಕಡಾ 46 ರಷ್ಟಿದ್ದು, ಸರ್ಕಾರಿ ಆಸ್ಪತ್ರೆ ಯಲ್ಲಿ ಶೇ. 36 ಮತ್ತು ಖಾಸಗಿ ಆಸ್ಪತ್ರೆಯಲ್ಲಿ ಶೇ. 61 ರಷ್ಟು ರಾಜ್ಯದಲ್ಲಿ ಅನಗತ್ಯ ಸಿಸೇರಿಯನ್ ಹೆರಿಗೆ ತಡೆಗಟ್ಟಲು ಮುಂದಿನ ತಿಂಗಳು ವಿಶೇಷ ಕಾರ್ಯಕ್ರಮ ಘೋಷಿಸಲಾಗುವುದು ಎಂದು ಆರೋಗ್ಯ ಮತ್ತು ಕುಟುಂಬ ಕಲ್ಯಾಣ ಸಚಿವ ದಿನೇಶ್ ಗುಂಡೂರಾವ್ ಹೇಳಿದರು. ಅವರು ಇಂದು ವಿಧಾನ ಪರಿಷತ್ತಿನಲ್ಲಿ ಸದಸ್ಯ ಜಗದೇವ ಗುತ್ತೇದಾರ ಅವರ ಚುಕ್ಕೆ ಗುರುತಿನ ಪ್ರಶ್ನೆಗೆ ಉತ್ತರಿಸಿದರು. ರಾಜ್ಯದಲ್ಲಿ ಅನಗತ್ಯ ಸಿಸೇರಿಯನ್ ಹೆರಿಗೆ ತಡೆಯಲು ಆರೋಗ್ಯ ಮತ್ತು ಕುಟುಂಬ ಕಲ್ಯಾಣ ಇಲಾಖೆ ವತಿಯಿಂದ ತಾಲೂಕು ಮಟ್ಟದ ಆಸ್ಪತ್ರೆಗಳಲ್ಲಿ 24X7 ಪ್ರಸೂತಿ ಸೇವೆಗಳನ್ನು ನೀಡಲು ಕ್ರಮವಹಿಸಲಾಗುತ್ತಿದೆ. ರಾತ್ರಿ ವೇಳೆಯಲ್ಲಿ ಸಹಜ ಹೆರಿಗೆಗಳನ್ನು ಮತ್ತು ಅವಶ್ಯವಿದ್ದಲ್ಲಿ,

ಸಿಸೇರಿಯನ್ ಶಸ್ತ್ರಚಿಕಿತ್ಸೆ ನಡೆಸಲು ಈ ಕ್ರಮದಿಂದ ತಾಲ್ಲೂಕು ಮಟ್ಟದಿಂದ ಜಿಲ್ಲಾ ಮಟ್ಟಕ್ಕೆ ಶಿಫಾರಸ್ಸುಗಳ ಸಂಖ್ಯೆಯು ಕಡಿಮೆ ಆಗಿರುತ್ತದೆ. ಅನಗತ್ಯ ಸಿಸೇರಿಯನ್ ಶಸ್ತ್ರಚಿಕಿತ್ಸೆ ತಡೆಯಲು ಕ್ರಮ ವಹಿಸಲಾಗಿದೆ ಎಂದರು. ಪ್ರಸ್ತುತ ತಾಯಿ ಮತ್ತು ಮಕ್ಕಳ ಆಸ್ಪತ್ರೆಗಳು ಸೇರಿದಂತೆ 88 ತಾಯಿ ಮತ್ತು ಮಕ್ಕಳ ಆಸ್ಪತ್ರೆಗಳು ಇದರಲ್ಲಿ 60 ತಾಯಿ ಮತ್ತು ಮಕ್ಕಳ ಆಸ್ಪತ್ರೆಗಳು ಕಾರ್ಯನಿರ್ವಹಿಸುತ್ತಿದ್ದು, 24X7 ಸಮಗ್ರ ಪ್ರಸೂತಿ ಸೇವೆಗಳನ್ನು ನೀಡಲಾಗುತ್ತಿದೆ. ಈ ತಾಯಿ ಮತ್ತು ಮಕ್ಕಳ ಆಸ್ಪತ್ರೆಗಳಲ್ಲಿ ಪ್ರಸೂತಿ ತಜ್ಞರು ಮತ್ತು ಅರಿವಳಿಕೆ ತಜ್ಞರು ಹಾಗೂ ಮಕ್ಕಳ ತಜ್ಞರನ್ನು ಒಳಗೊಂಡಂತೆ 24X7 ಸಹಜ ಹೆರಿಗೆ ನಡೆಸಲು
ಉತ್ತೇಜಿಸಲಾಗುತ್ತಿದೆ. ಸಹಜ ಹೆರಿಗೆಗಳನ್ನು ಹೆಚ್ಚಿಸಲು ಹಾಗೂ ಸಿಸೇರಿಯನ್ ಹೆರಿಗೆಗಳನ್ನು ಕಡಿಮೆ ಮಾಡಲು Midwifery ಯೋಜನೆಯನ್ನು ಪ್ರಾರಂಭಿಸಲಾಗಿದೆ. ಈ ಯೋಜನೆಯಲ್ಲಿ ಶುಶ್ರೂಷಾಧಿಕಾರಿಗಳಿಗೆ 18 ತಿಂಗಳ ತರಬೇತಿಯನ್ನು Midwifery ಯೋಜನೆಯಲ್ಲಿ ಪ್ರತಿಯೊಂದು ಒಂದು ಹಂತದ ತರಬೇತಿ ಸಹಜ ಹೆರಿಗೆಗಳನ್ನು ನೆರವೇರಿಸಲು ತಜ್ಞತೆಯನ್ನು ಹೆಚ್ಚಿಸಲು ತರಬೇತಿಯನ್ನು ಬೆಂಗಳೂರಿನ ವಾಣಿ ವಿಲಾಸ ಆಸ್ಪತ್ರೆಯಲ್ಲಿ ಮತ್ತು ಹೈದರಾಬಾದಿನ Fernandez Foundation ನಲ್ಲಿ ಪ್ರಾರಂಭಿಸಲಾಗಿದೆ. ಬೆಂಗಳೂರು, ಮೈಸೂರು ಮತ್ತು ಬೆಳಗಾವಿಯಲ್ಲಿ ಶುಶ್ರೂಷಾಧಿಕಾರಿಗಳಿಗೆ 18 ತಿಂಗಳ ತರಬೇತಿಯನ್ನು ಮೈಸೂರಿನ ಚೆಲುವಾಂಬ ಆಸ್ಪತ್ರೆಯಲ್ಲಿ ನಡೆಸಲಾಗುತ್ತಿದೆ.
1830 ಶುಶ್ರೂಷಾಧಿಕಾರಿಗಳು ತರಬೇತಿಯಲ್ಲಿ 12 ತಿಂಗಳ ಪೂರ್ಣಗೊಂಡಿದ್ದು, ಇನ್ನು 6 ತಿಂಗಳಲ್ಲಿ ತರಬೇತಿ ಮುಗಿಯಲಿದ್ದು ಜುಲೈ–2025 ರಿಂದ ಹಾಸನ, ಮಂಡ್ಯ ಮತ್ತು ಮೈಸೂರಿನ ಜಿಲ್ಲಾ ಆಸ್ಪತ್ರೆಯಲ್ಲಿ MLCU ಕಾರ್ಯಾರಂಭ ಮಾಡಲಿದೆ. ಬೆಂಗಳೂರಿನಲ್ಲಿ ವಾಣಿ ವಿಲಾಸ ಆಸ್ಪತ್ರೆ ಯಲ್ಲಿ ಬೆಂಗಳೂರು ವಿಭಾಗಕ್ಕೆ ಸಂಬಂಧಿಸಿದಂತೆ 25 ಶುಶ್ರೂಷಾಧಿಕಾರಿಗಳು NPM ತರಬೇತಿಯನ್ನು ಜುಲೈ–2024 ರಲ್ಲಿ ಪ್ರಾರಂಭಿಸಲಾಗಿದೆ, ಡಿಸೆಂಬರ್ 2025 ರ ಅಂತ್ಯಕ್ಕೆ 18 ತಿಂಗಳ ತರಬೇತಿಯು ಮುಗಿಯಲಿದ್ದು ತದ ನಂತರ ಕೋಲಾರ, ಬೆಂಗಳೂರು, ದಾವಣಗೆರೆ ಮತ್ತು ತುಮಕೂರು ಜಿಲ್ಲಾ ಆಸ್ಪತ್ರೆಗಳಲ್ಲಿ ಒಬ್ಬ ಪ್ರಾರಂಭವಾಗಲಿದೆ. ಬೆಳಗಾವಿ ಜಿಲ್ಲೆಯಲ್ಲಿ 18 ತಿಂಗಳ ತರಬೇತಿ ಪ್ರಾರಂಭಿಸಲಾಗಿದ್ದು ಒಟ್ಟು 24 ಶುಶ್ರೂಷಾಧಿಕಾರಿಗಳಿಗೆ ತರಬೇತಿ ನೀಡಲಾಗುತ್ತಿದೆ. ತದನಂತರ ಬೆಳಗಾವಿ, ಹುಬ್ಬಳ್ಳಿ ಮತ್ತು ಗದಗಾ ಜಿಲ್ಲೆಯಲ್ಲಿ ಒಬ್ಬ ಪ್ರಾರಂಭವಾಗಲಿದೆ.
ಪ್ರತಿ ಜಿಲ್ಲಾಸ್ಪತ್ರೆ ಮತ್ತು ತಾಲ್ಲೂಕು ಆಸ್ಪತ್ರೆಗಳಲ್ಲಿ ಸಿಜೇರಿಯನ್ ಶಸ್ತ್ರಚಿಕಿತ್ಸೆಗಳನ್ನು ಪ್ರತಿ ಮಾಹೆ ಸಿಜೇರಿಯನ್ ಆಡಿಟ್ ಮಾಡಲಾಗುತ್ತಿದೆ. ಈ ಆಡಿಟ್ ನಿಂದ ಪ್ರತಿ ಸಿಜೇರಿಯನ್ ಶಸ್ತ್ರಚಿಕಿತ್ಸೆ ಅನಗತ್ಯವೇ ಹಾಗೂ ಅವಶ್ಯಕತೆ ಬಗ್ಗೆ ಕೂಲಂಕುಷವಾಗಿ ಪರಿಶೀಲಿಸಿ ಸಿಜೇರಿಯನ್ ಶಸ್ತ್ರಚಿಕಿತ್ಸೆ ತಡೆಗಟ್ಟಲು ಕ್ರಮವಹಿಸಲಾಗುತ್ತಿದೆ. ಪ್ರತಿ ತಿಂಗಳು ಸಿಜೇರಿಯನ್ ಶಸ್ತ್ರಚಿಕಿತ್ಸೆಯ ಅನಗತ್ಯ ಶಸ್ತ್ರಚಿಕಿತ್ಸೆ ತಡೆಯಲು ಜಿಲ್ಲಾ ಮಟ್ಟದಲ್ಲಿ ಪರಿಶೀಲನಾ ಸಭೆಗಳನ್ನು ನಡೆಸಲಾಗುತ್ತಿದೆ. ರಾಜ್ಯದಲ್ಲಿ ಕಾರ್ಯ ನಿರ್ವಹಿಸುತ್ತಿರುವ ಪ್ರಸೂತಿ ತಜ್ಞರುಗಳಿಗೆ ಮತ್ತು ಶುಶ್ರೂಷಾಧಿಕಾರಿಗಳಿಗೆ ಹೆರಿಗೆ ಸಮಯದಲ್ಲಿನ ಆರೈಕೆ ಕುರಿತು ಮತ್ತು ಪ್ರಸವದ ನಂತರದ ಆರೈಕೆಗೆ ಸಂಬಂಧಿಸಿದ ಕೌಶಲವನ್ನು ಹೆಚ್ಚಿಸಲು 3 ದಿನಗಳ ದಕ್ಷತಾ ತರಬೇತಿಯನ್ನು 2018 ರಿಂದ ನೀಡಲಾಗುತ್ತಿದೆ. ಇದರಿಂದ ಸಿಜೇರಿಯನ್ ಶಸ್ತ್ರಚಿಕಿತ್ಸೆ ಯನ್ನು ನಿಯಂತ್ರಿಸಲು ಸಹಾಯವಾಗುತ್ತಿದೆ ಎಂದು ಸಚಿವರು ತಿಳಿಸಿದರು.
